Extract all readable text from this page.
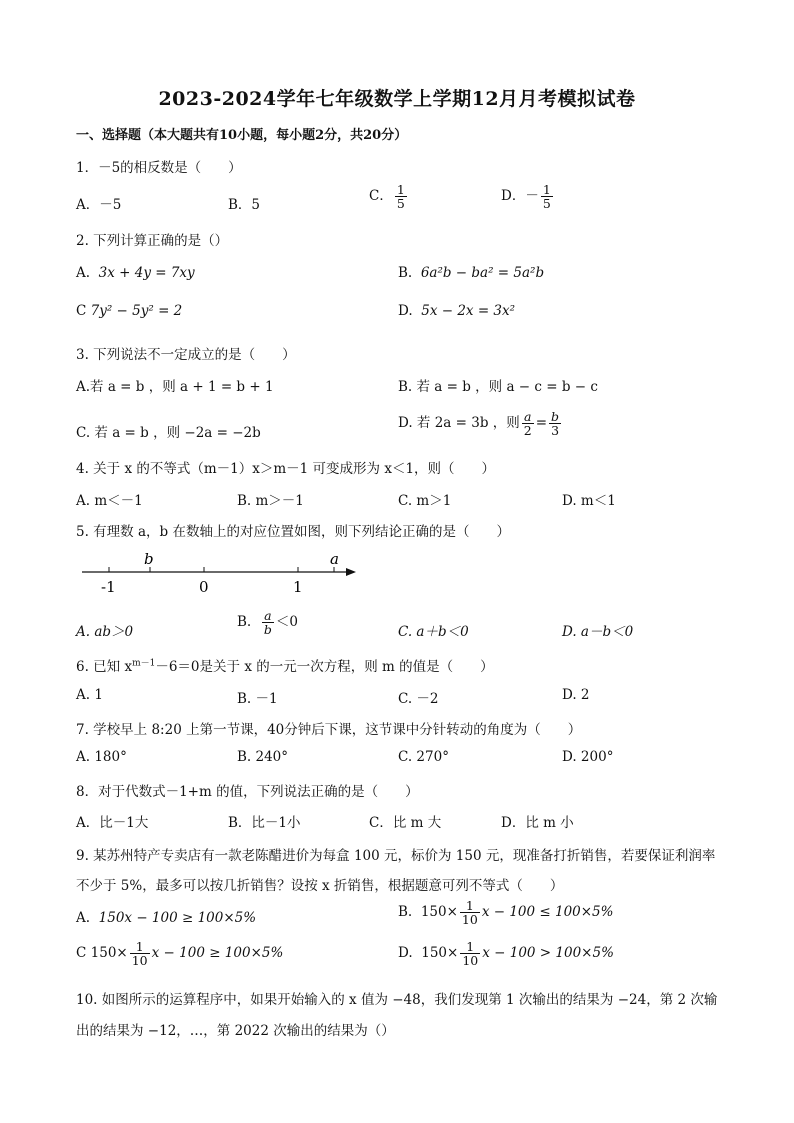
2023-2024学年七年级数学上学期12月月考模拟试卷
一、选择题（本大题共有10小题，每小题2分，共20分）
1．－5的相反数是（　　）
A．－5	B．5
C． $\frac{1}{5}$	D．－ $\frac{1}{5}$
2. 下列计算正确的是（）
A. 3x + 4y = 7xy	B. 6a²b − ba² = 5a²b
C 7y² − 5y² = 2	D. 5x − 2x = 3x²
3. 下列说法不一定成立的是（　　）
A.若 a = b ，则 a + 1 = b + 1	B. 若 a = b ，则 a − c = b − c
C. 若 a = b ，则 −2a = −2b
D. 若 2a = 3b ，则 $\frac{a}{2} = \frac{b}{3}$
4. 关于 x 的不等式（m－1）x＞m－1 可变成形为 x＜1，则（　　）
A. m＜－1	B. m＞－1	C. m＞1	D. m＜1
5. 有理数 a，b 在数轴上的对应位置如图，则下列结论正确的是（　　）
b	a
-1	0	1
A. ab＞0
B. $\frac{a}{b} <0$
C. a＋b＜0	D. a－b＜0
6. 已知 $x^{m-1}-6=0$是关于 x 的一元一次方程，则 m 的值是（　　）
A. 1	B. －1	C. －2	D. 2
7. 学校早上 8:20 上第一节课，40分钟后下课，这节课中分针转动的角度为（　　）
A. 180°	B. 240°	C. 270°	D. 200°
8．对于代数式－1+m 的值，下列说法正确的是（　　）
A．比－1大	B．比－1小	C．比 m 大	D．比 m 小
9. 某苏州特产专卖店有一款老陈醋进价为每盒 100 元，标价为 150 元，现准备打折销售，若要保证利润率
不少于 5%，最多可以按几折销售？设按 x 折销售，根据题意可列不等式（　　）
A. 150x − 100 ≥ 100×5%	B. $150\times \frac{1}{10}$ x − 100 ≤ 100×5%
C $150\times \frac{1}{10}$ x − 100 ≥ 100×5%	D. $150\times \frac{1}{10}$ x − 100 > 100×5%
10. 如图所示的运算程序中，如果开始输入的 x 值为 −48，我们发现第 1 次输出的结果为 −24，第 2 次输
出的结果为 −12，…，第 2022 次输出的结果为（）
